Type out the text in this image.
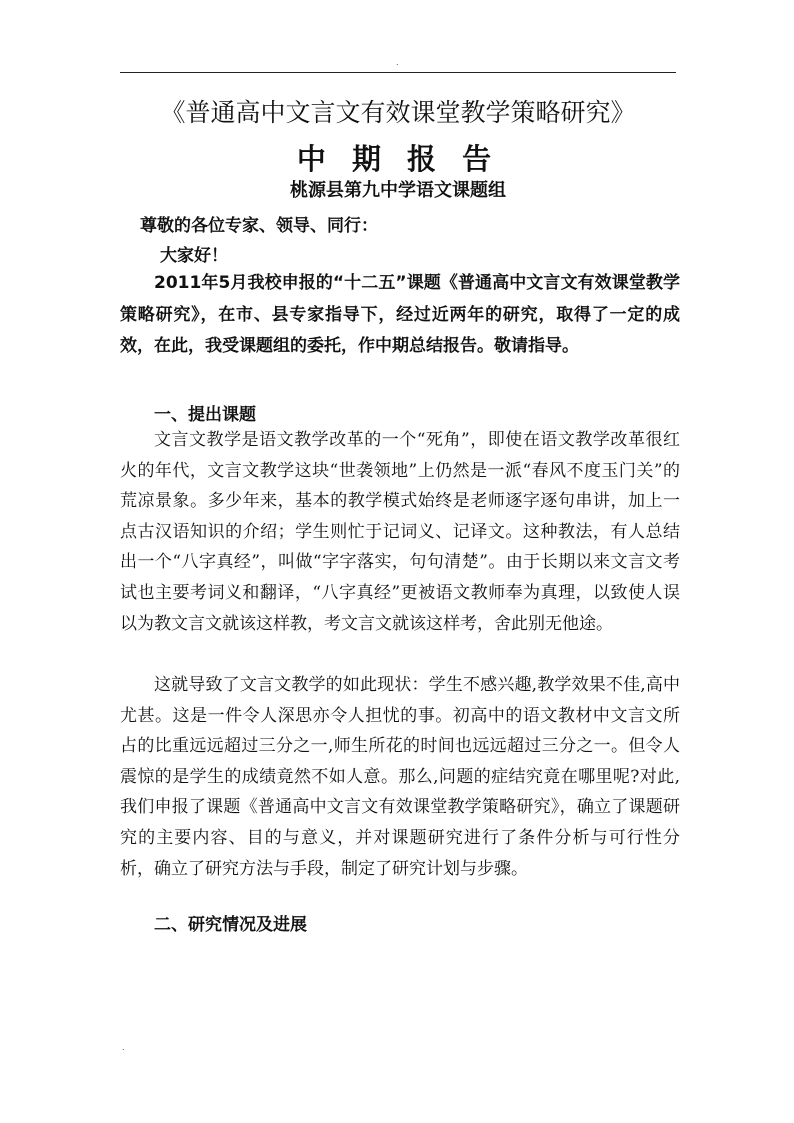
.
《普通高中文言文有效课堂教学策略研究》
中 期 报 告
桃源县第九中学语文课题组
尊敬的各位专家、领导、同行：
大家好！
2011年5月我校申报的“十二五”课题《普通高中文言文有效课堂教学策略研究》，在市、县专家指导下，经过近两年的研究，取得了一定的成效，在此，我受课题组的委托，作中期总结报告。敬请指导。
一、提出课题
文言文教学是语文教学改革的一个“死角”，即使在语文教学改革很红火的年代，文言文教学这块“世袭领地”上仍然是一派“春风不度玉门关”的荒凉景象。多少年来，基本的教学模式始终是老师逐字逐句串讲，加上一点古汉语知识的介绍；学生则忙于记词义、记译文。这种教法，有人总结出一个“八字真经”，叫做“字字落实，句句清楚”。由于长期以来文言文考试也主要考词义和翻译，“八字真经”更被语文教师奉为真理，以致使人误以为教文言文就该这样教，考文言文就该这样考，舍此别无他途。
这就导致了文言文教学的如此现状：学生不感兴趣,教学效果不佳,高中尤甚。这是一件令人深思亦令人担忧的事。初高中的语文教材中文言文所占的比重远远超过三分之一,师生所花的时间也远远超过三分之一。但令人震惊的是学生的成绩竟然不如人意。那么,问题的症结究竟在哪里呢?对此,我们申报了课题《普通高中文言文有效课堂教学策略研究》，确立了课题研究的主要内容、目的与意义，并对课题研究进行了条件分析与可行性分析，确立了研究方法与手段，制定了研究计划与步骤。
二、研究情况及进展
.
